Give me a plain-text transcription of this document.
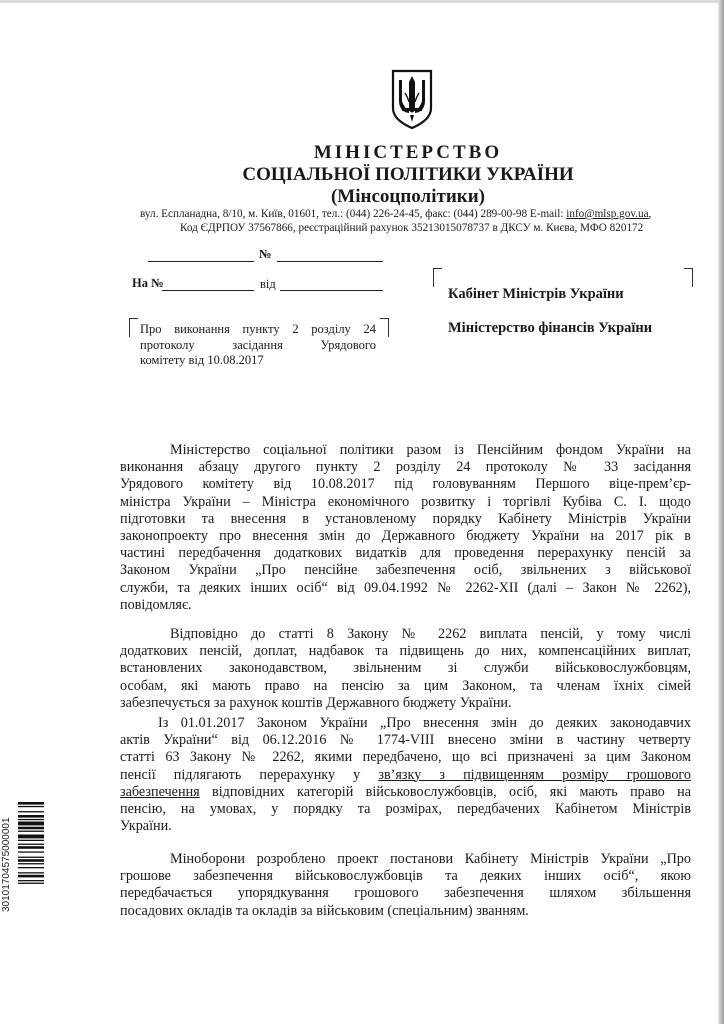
МІНІСТЕРСТВО
СОЦІАЛЬНОЇ ПОЛІТИКИ УКРАЇНИ
(Мінсоцполітики)
вул. Еспланадна, 8/10, м. Київ, 01601, тел.: (044) 226-24-45, факс: (044) 289-00-98 E-mail: info@mlsp.gov.ua,
Код ЄДРПОУ 37567866, реєстраційний рахунок 35213015078737 в ДКСУ м. Києва, МФО 820172
№
На №	від
Про виконання пункту 2 розділу 24
протоколу засідання Урядового
комітету від 10.08.2017
Кабінет Міністрів України
Міністерство фінансів України
Міністерство соціальної політики разом із Пенсійним фондом України на
виконання абзацу другого пункту 2 розділу 24 протоколу № 33 засідання
Урядового комітету від 10.08.2017 під головуванням Першого віце-прем’єр-
міністра України – Міністра економічного розвитку і торгівлі Кубіва С. І. щодо
підготовки та внесення в установленому порядку Кабінету Міністрів України
законопроекту про внесення змін до Державного бюджету України на 2017 рік в
частині передбачення додаткових видатків для проведення перерахунку пенсій за
Законом України „Про пенсійне забезпечення осіб, звільнених з військової
служби, та деяких інших осіб“ від 09.04.1992 № 2262-ХІІ (далі – Закон № 2262),
повідомляє.
Відповідно до статті 8 Закону № 2262 виплата пенсій, у тому числі
додаткових пенсій, доплат, надбавок та підвищень до них, компенсаційних виплат,
встановлених законодавством, звільненим зі служби військовослужбовцям,
особам, які мають право на пенсію за цим Законом, та членам їхніх сімей
забезпечується за рахунок коштів Державного бюджету України.
Із 01.01.2017 Законом України „Про внесення змін до деяких законодавчих
актів України“ від 06.12.2016 № 1774-VIII внесено зміни в частину четверту
статті 63 Закону № 2262, якими передбачено, що всі призначені за цим Законом
пенсії підлягають перерахунку у зв’язку з підвищенням розміру грошового
забезпечення відповідних категорій військовослужбовців, осіб, які мають право на
пенсію, на умовах, у порядку та розмірах, передбачених Кабінетом Міністрів
України.
Міноборони розроблено проект постанови Кабінету Міністрів України „Про
грошове забезпечення військовослужбовців та деяких інших осіб“, якою
передбачається упорядкування грошового забезпечення шляхом збільшення
посадових окладів та окладів за військовим (спеціальним) званням.
30101704575000001
